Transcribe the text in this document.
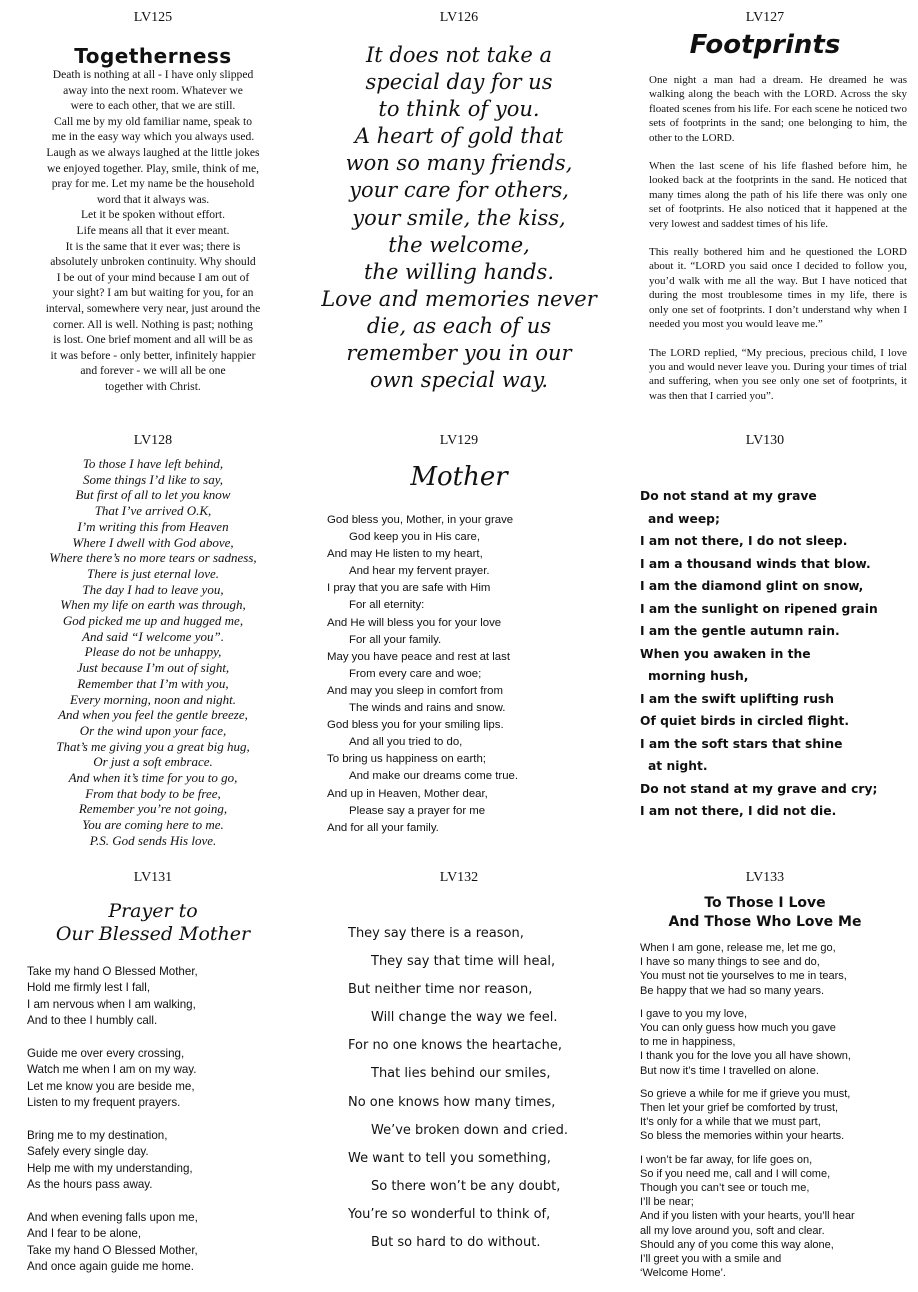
LV125
Togetherness
Death is nothing at all - I have only slipped
away into the next room. Whatever we
were to each other, that we are still.
Call me by my old familiar name, speak to
me in the easy way which you always used.
Laugh as we always laughed at the little jokes
we enjoyed together. Play, smile, think of me,
pray for me. Let my name be the household
word that it always was.
Let it be spoken without effort.
Life means all that it ever meant.
It is the same that it ever was; there is
absolutely unbroken continuity. Why should
I be out of your mind because I am out of
your sight? I am but waiting for you, for an
interval, somewhere very near, just around the
corner. All is well. Nothing is past; nothing
is lost. One brief moment and all will be as
it was before - only better, infinitely happier
and forever - we will all be one
together with Christ.
LV126
It does not take a
special day for us
to think of you.
A heart of gold that
won so many friends,
your care for others,
your smile, the kiss,
the welcome,
the willing hands.
Love and memories never
die, as each of us
remember you in our
own special way.
LV127
Footprints

One night a man had a dream. He dreamed he was walking along the beach with the LORD. Across the sky floated scenes from his life. For each scene he noticed two sets of footprints in the sand; one belonging to him, the other to the LORD.

When the last scene of his life flashed before him, he looked back at the footprints in the sand. He noticed that many times along the path of his life there was only one set of footprints. He also noticed that it happened at the very lowest and saddest times of his life.

This really bothered him and he questioned the LORD about it. “LORD you said once I decided to follow you, you’d walk with me all the way. But I have noticed that during the most troublesome times in my life, there is only one set of footprints. I don’t understand why when I needed you most you would leave me.”

The LORD replied, “My precious, precious child, I love you and would never leave you. During your times of trial and suffering, when you see only one set of footprints, it was then that I carried you”.

LV128
To those I have left behind,
Some things I’d like to say,
But first of all to let you know
That I’ve arrived O.K,
I’m writing this from Heaven
Where I dwell with God above,
Where there’s no more tears or sadness,
There is just eternal love.
The day I had to leave you,
When my life on earth was through,
God picked me up and hugged me,
And said “I welcome you”.
Please do not be unhappy,
Just because I’m out of sight,
Remember that I’m with you,
Every morning, noon and night.
And when you feel the gentle breeze,
Or the wind upon your face,
That’s me giving you a great big hug,
Or just a soft embrace.
And when it’s time for you to go,
From that body to be free,
Remember you’re not going,
You are coming here to me.
P.S. God sends His love.
LV129
Mother
God bless you, Mother, in your grave
God keep you in His care,
And may He listen to my heart,
And hear my fervent prayer.
I pray that you are safe with Him
For all eternity:
And He will bless you for your love
For all your family.
May you have peace and rest at last
From every care and woe;
And may you sleep in comfort from
The winds and rains and snow.
God bless you for your smiling lips.
And all you tried to do,
To bring us happiness on earth;
And make our dreams come true.
And up in Heaven, Mother dear,
Please say a prayer for me
And for all your family.
LV130
Do not stand at my grave
and weep;
I am not there, I do not sleep.
I am a thousand winds that blow.
I am the diamond glint on snow,
I am the sunlight on ripened grain
I am the gentle autumn rain.
When you awaken in the
morning hush,
I am the swift uplifting rush
Of quiet birds in circled flight.
I am the soft stars that shine
at night.
Do not stand at my grave and cry;
I am not there, I did not die.
LV131
Prayer to
Our Blessed Mother
Take my hand O Blessed Mother,
Hold me firmly lest I fall,
I am nervous when I am walking,
And to thee I humbly call.
Guide me over every crossing,
Watch me when I am on my way.
Let me know you are beside me,
Listen to my frequent prayers.
Bring me to my destination,
Safely every single day.
Help me with my understanding,
As the hours pass away.
And when evening falls upon me,
And I fear to be alone,
Take my hand O Blessed Mother,
And once again guide me home.
LV132
They say there is a reason,
They say that time will heal,
But neither time nor reason,
Will change the way we feel.
For no one knows the heartache,
That lies behind our smiles,
No one knows how many times,
We’ve broken down and cried.
We want to tell you something,
So there won’t be any doubt,
You’re so wonderful to think of,
But so hard to do without.
LV133
To Those I Love
And Those Who Love Me
When I am gone, release me, let me go,
I have so many things to see and do,
You must not tie yourselves to me in tears,
Be happy that we had so many years.
I gave to you my love,
You can only guess how much you gave
to me in happiness,
I thank you for the love you all have shown,
But now it’s time I travelled on alone.
So grieve a while for me if grieve you must,
Then let your grief be comforted by trust,
It’s only for a while that we must part,
So bless the memories within your hearts.
I won’t be far away, for life goes on,
So if you need me, call and I will come,
Though you can’t see or touch me,
I’ll be near;
And if you listen with your hearts, you’ll hear
all my love around you, soft and clear.
Should any of you come this way alone,
I’ll greet you with a smile and
‘Welcome Home’.
